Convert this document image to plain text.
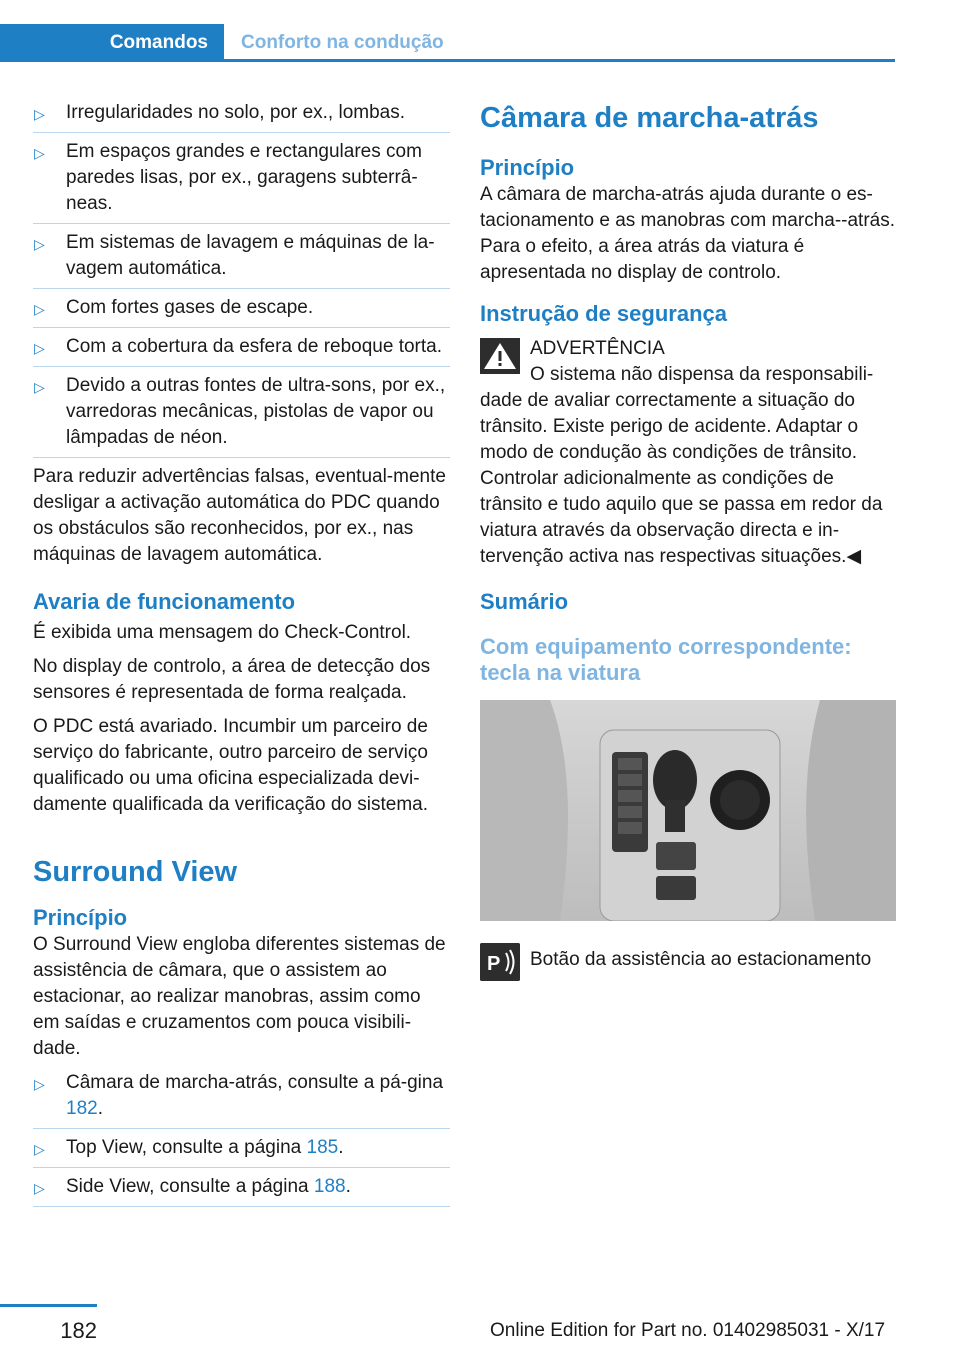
Comandos	Conforto na condução
▷ Irregularidades no solo, por ex., lombas.
▷ Em espaços grandes e rectangulares com paredes lisas, por ex., garagens subterrâ-neas.
▷ Em sistemas de lavagem e máquinas de la-vagem automática.
▷ Com fortes gases de escape.
▷ Com a cobertura da esfera de reboque torta.
▷ Devido a outras fontes de ultra-sons, por ex., varredoras mecânicas, pistolas de vapor ou lâmpadas de néon.
Para reduzir advertências falsas, eventual-mente desligar a activação automática do PDC quando os obstáculos são reconhecidos, por ex., nas máquinas de lavagem automática.
Avaria de funcionamento
É exibida uma mensagem do Check-Control.
No display de controlo, a área de detecção dos sensores é representada de forma realçada.
O PDC está avariado. Incumbir um parceiro de serviço do fabricante, outro parceiro de serviço qualificado ou uma oficina especializada devi-damente qualificada da verificação do sistema.
Surround View
Princípio
O Surround View engloba diferentes sistemas de assistência de câmara, que o assistem ao estacionar, ao realizar manobras, assim como em saídas e cruzamentos com pouca visibili-dade.
▷ Câmara de marcha-atrás, consulte a pá-gina 182.
▷ Top View, consulte a página 185.
▷ Side View, consulte a página 188.
Câmara de marcha-atrás
Princípio
A câmara de marcha-atrás ajuda durante o es-tacionamento e as manobras com marcha--atrás. Para o efeito, a área atrás da viatura é apresentada no display de controlo.
Instrução de segurança
ADVERTÊNCIA
O sistema não dispensa da responsabili-dade de avaliar correctamente a situação do trânsito. Existe perigo de acidente. Adaptar o modo de condução às condições de trânsito. Controlar adicionalmente as condições de trânsito e tudo aquilo que se passa em redor da viatura através da observação directa e in-tervenção activa nas respectivas situações.◀
Sumário
Com equipamento correspondente: tecla na viatura
P Botão da assistência ao estacionamento
182	Online Edition for Part no. 01402985031 - X/17
